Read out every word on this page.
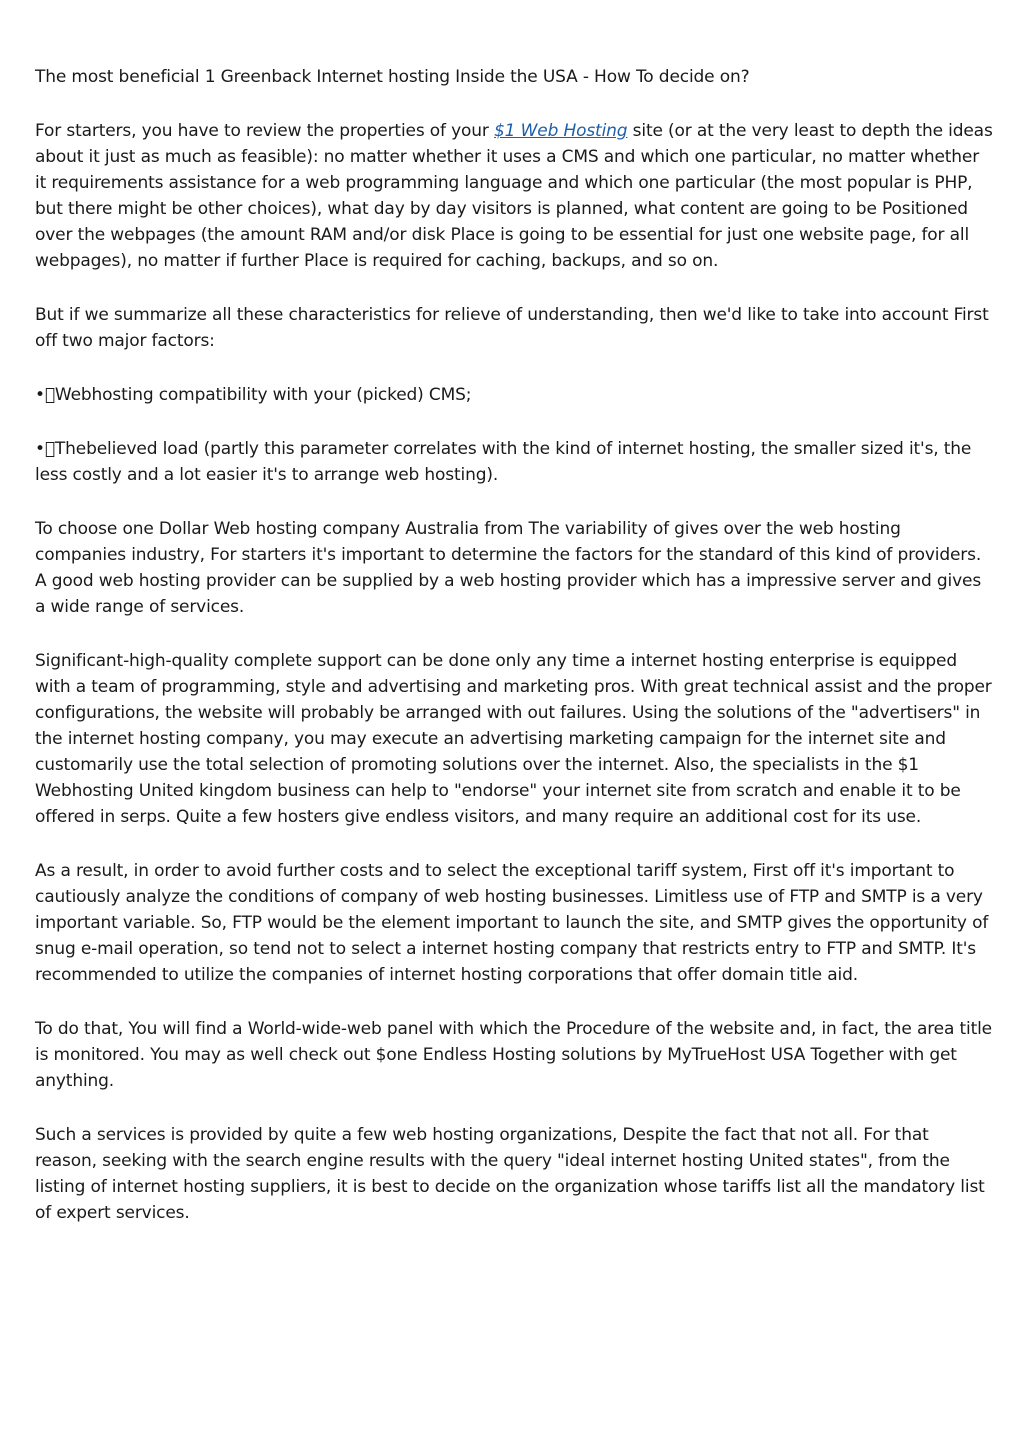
The most beneficial 1 Greenback Internet hosting Inside the USA - How To decide on?

For starters, you have to review the properties of your $1 Web Hosting site (or at the very least to depth the ideas about it just as much as feasible): no matter whether it uses a CMS and which one particular, no matter whether it requirements assistance for a web programming language and which one particular (the most popular is PHP, but there might be other choices), what day by day visitors is planned, what content are going to be Positioned over the webpages (the amount RAM and/or disk Place is going to be essential for just one website page, for all webpages), no matter if further Place is required for caching, backups, and so on.

But if we summarize all these characteristics for relieve of understanding, then we'd like to take into account First off two major factors:

• Webhosting compatibility with your (picked) CMS;

• Thebelieved load (partly this parameter correlates with the kind of internet hosting, the smaller sized it's, the less costly and a lot easier it's to arrange web hosting).

To choose one Dollar Web hosting company Australia from The variability of gives over the web hosting companies industry, For starters it's important to determine the factors for the standard of this kind of providers. A good web hosting provider can be supplied by a web hosting provider which has a impressive server and gives a wide range of services.

Significant-high-quality complete support can be done only any time a internet hosting enterprise is equipped with a team of programming, style and advertising and marketing pros. With great technical assist and the proper configurations, the website will probably be arranged with out failures. Using the solutions of the "advertisers" in the internet hosting company, you may execute an advertising marketing campaign for the internet site and customarily use the total selection of promoting solutions over the internet. Also, the specialists in the $1 Webhosting United kingdom business can help to "endorse" your internet site from scratch and enable it to be offered in serps. Quite a few hosters give endless visitors, and many require an additional cost for its use.

As a result, in order to avoid further costs and to select the exceptional tariff system, First off it's important to cautiously analyze the conditions of company of web hosting businesses. Limitless use of FTP and SMTP is a very important variable. So, FTP would be the element important to launch the site, and SMTP gives the opportunity of snug e-mail operation, so tend not to select a internet hosting company that restricts entry to FTP and SMTP. It's recommended to utilize the companies of internet hosting corporations that offer domain title aid.

To do that, You will find a World-wide-web panel with which the Procedure of the website and, in fact, the area title is monitored. You may as well check out $one Endless Hosting solutions by MyTrueHost USA Together with get anything.

Such a services is provided by quite a few web hosting organizations, Despite the fact that not all. For that reason, seeking with the search engine results with the query "ideal internet hosting United states", from the listing of internet hosting suppliers, it is best to decide on the organization whose tariffs list all the mandatory list of expert services.
